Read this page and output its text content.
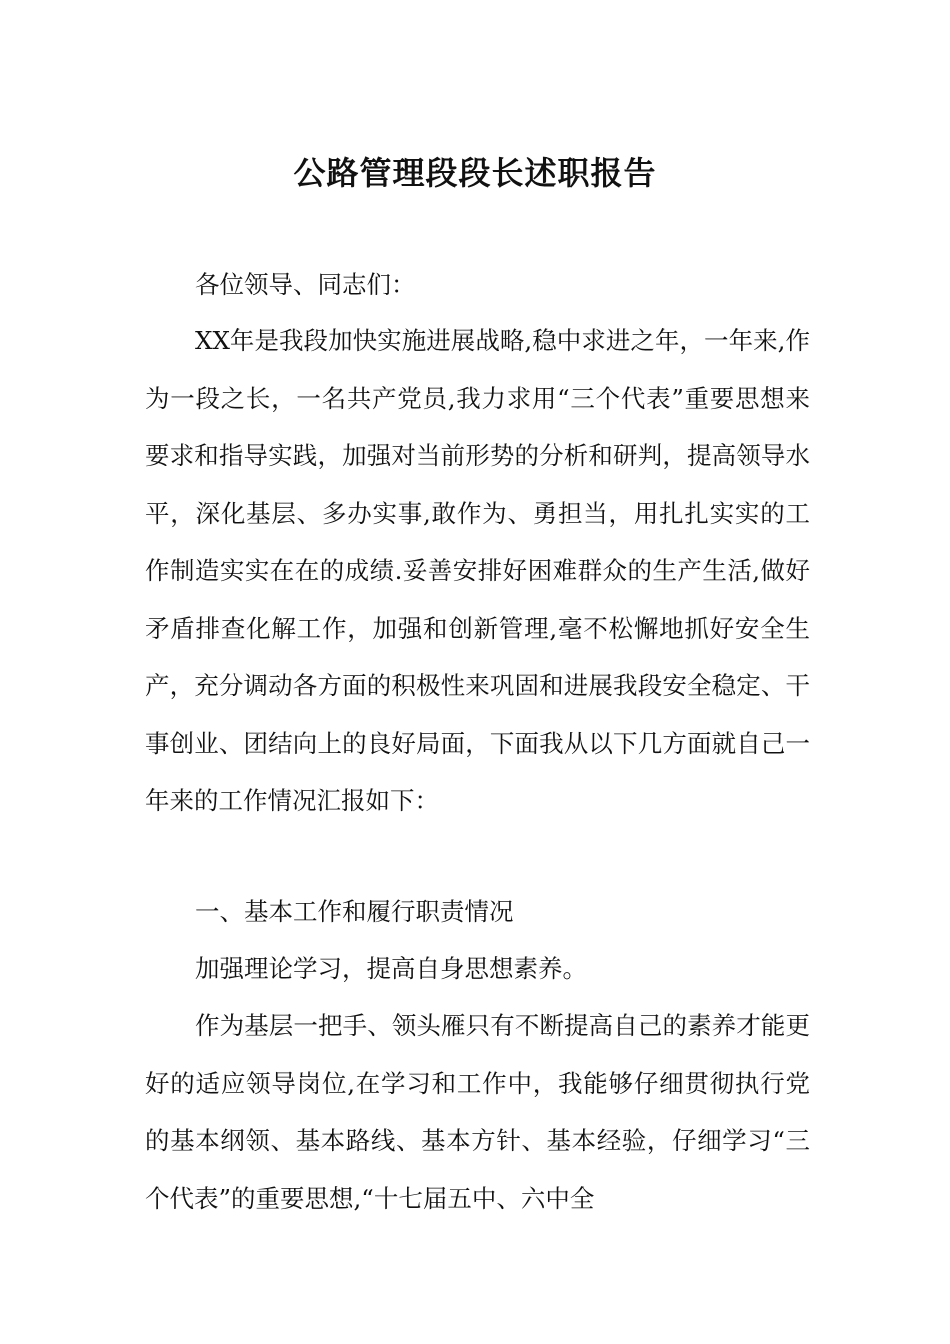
公路管理段段长述职报告

各位领导、同志们：

XX年是我段加快实施进展战略,稳中求进之年，一年来,作为一段之长，一名共产党员,我力求用“三个代表”重要思想来要求和指导实践，加强对当前形势的分析和研判，提高领导水平，深化基层、多办实事,敢作为、勇担当，用扎扎实实的工作制造实实在在的成绩.妥善安排好困难群众的生产生活,做好矛盾排查化解工作，加强和创新管理,毫不松懈地抓好安全生产，充分调动各方面的积极性来巩固和进展我段安全稳定、干事创业、团结向上的良好局面，下面我从以下几方面就自己一年来的工作情况汇报如下：

一、基本工作和履行职责情况

加强理论学习，提高自身思想素养。

作为基层一把手、领头雁只有不断提高自己的素养才能更好的适应领导岗位,在学习和工作中，我能够仔细贯彻执行党的基本纲领、基本路线、基本方针、基本经验，仔细学习“三个代表”的重要思想,“十七届五中、六中全
